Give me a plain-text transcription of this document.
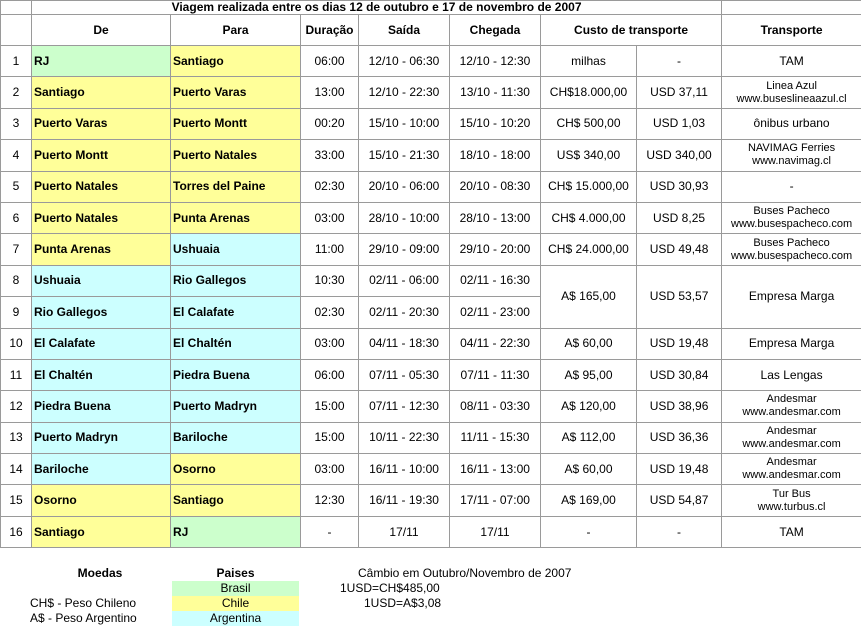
	Viagem realizada entre os dias 12 de outubro e 17 de novembro de 2007							
	De	Para	Duração	Saída	Chegada	Custo de transporte		Transporte
1	RJ	Santiago	06:00	12/10 - 06:30	12/10 - 12:30	milhas	-	TAM

2	Santiago	Puerto Varas	13:00	12/10 - 22:30	13/10 - 11:30	CH$18.000,00	USD 37,11	Linea Azul
www.buseslineaazul.cl

3	Puerto Varas	Puerto Montt	00:20	15/10 - 10:00	15/10 - 10:20	CH$ 500,00	USD 1,03	ônibus urbano

4	Puerto Montt	Puerto Natales	33:00	15/10 - 21:30	18/10 - 18:00	US$ 340,00	USD 340,00	NAVIMAG Ferries
www.navimag.cl

5	Puerto Natales	Torres del Paine	02:30	20/10 - 06:00	20/10 - 08:30	CH$ 15.000,00	USD 30,93	-

6	Puerto Natales	Punta Arenas	03:00	28/10 - 10:00	28/10 - 13:00	CH$ 4.000,00	USD 8,25	Buses Pacheco
www.busespacheco.com

7	Punta Arenas	Ushuaia	11:00	29/10 - 09:00	29/10 - 20:00	CH$ 24.000,00	USD 49,48	Buses Pacheco
www.busespacheco.com

8	Ushuaia	Rio Gallegos	10:30	02/11 - 06:00	02/11 - 16:30	A$ 165,00	USD 53,57	Empresa Marga
9	Rio Gallegos	El Calafate	02:30	02/11 - 20:30	02/11 - 23:00			
10	El Calafate	El Chaltén	03:00	04/11 - 18:30	04/11 - 22:30	A$ 60,00	USD 19,48	Empresa Marga

11	El Chaltén	Piedra Buena	06:00	07/11 - 05:30	07/11 - 11:30	A$ 95,00	USD 30,84	Las Lengas

12	Piedra Buena	Puerto Madryn	15:00	07/11 - 12:30	08/11 - 03:30	A$ 120,00	USD 38,96	Andesmar
www.andesmar.com

13	Puerto Madryn	Bariloche	15:00	10/11 - 22:30	11/11 - 15:30	A$ 112,00	USD 36,36	Andesmar
www.andesmar.com

14	Bariloche	Osorno	03:00	16/11 - 10:00	16/11 - 13:00	A$ 60,00	USD 19,48	Andesmar
www.andesmar.com

15	Osorno	Santiago	12:30	16/11 - 19:30	17/11 - 07:00	A$ 169,00	USD 54,87	Tur Bus
www.turbus.cl

16	Santiago	RJ	-	17/11	17/11	-	-	TAM
Moedas
CH$ - Peso Chileno
A$ - Peso Argentino
Paises
Brasil
Chile
Argentina
Câmbio em Outubro/Novembro de 2007
1USD=CH$485,00
1USD=A$3,08
